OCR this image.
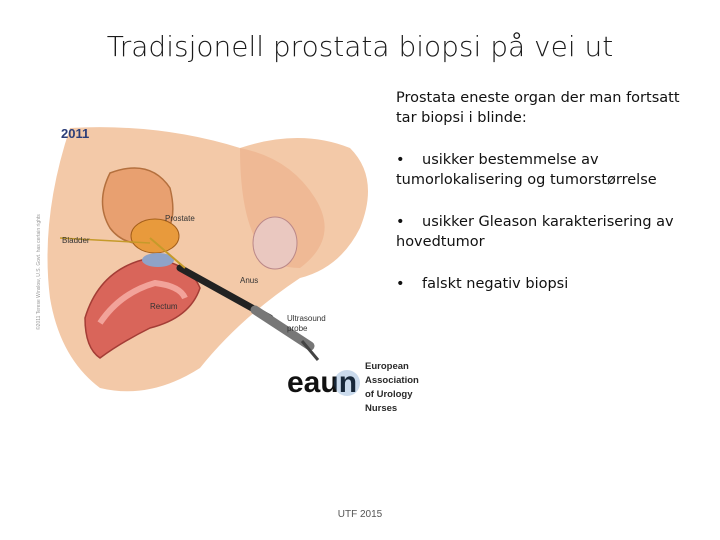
Tradisjonell prostata biopsi på vei ut
2011
©2011 Terese Winslow, U.S. Govt. has certain rights	Prostate
Bladder
Anus
Rectum
Ultrasound
probe

Prostata eneste organ der man fortsatt tar biopsi i blinde:

• usikker bestemmelse av tumorlokalisering og tumorstørrelse

• usikker Gleason karakterisering av hovedtumor

• falskt negativ biopsi

eaun European
Association
of Urology
Nurses
UTF 2015
